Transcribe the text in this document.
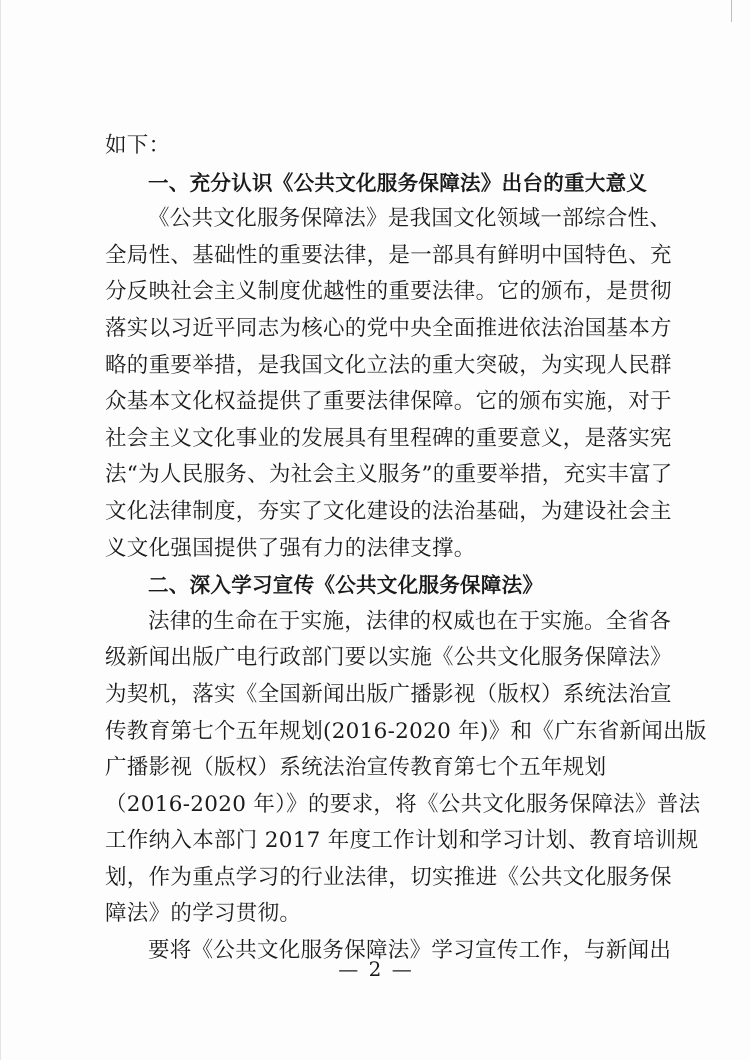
如下：
一、充分认识《公共文化服务保障法》出台的重大意义
《公共文化服务保障法》是我国文化领域一部综合性、
全局性、基础性的重要法律，是一部具有鲜明中国特色、充
分反映社会主义制度优越性的重要法律。它的颁布，是贯彻
落实以习近平同志为核心的党中央全面推进依法治国基本方
略的重要举措，是我国文化立法的重大突破，为实现人民群
众基本文化权益提供了重要法律保障。它的颁布实施，对于
社会主义文化事业的发展具有里程碑的重要意义，是落实宪
法“为人民服务、为社会主义服务”的重要举措，充实丰富了
文化法律制度，夯实了文化建设的法治基础，为建设社会主
义文化强国提供了强有力的法律支撑。
二、深入学习宣传《公共文化服务保障法》
法律的生命在于实施，法律的权威也在于实施。全省各
级新闻出版广电行政部门要以实施《公共文化服务保障法》
为契机，落实《全国新闻出版广播影视（版权）系统法治宣
传教育第七个五年规划(2016-2020 年)》和《广东省新闻出版
广播影视（版权）系统法治宣传教育第七个五年规划
（2016-2020 年）》的要求，将《公共文化服务保障法》普法
工作纳入本部门 2017 年度工作计划和学习计划、教育培训规
划，作为重点学习的行业法律，切实推进《公共文化服务保
障法》的学习贯彻。
要将《公共文化服务保障法》学习宣传工作，与新闻出
— 2 —
